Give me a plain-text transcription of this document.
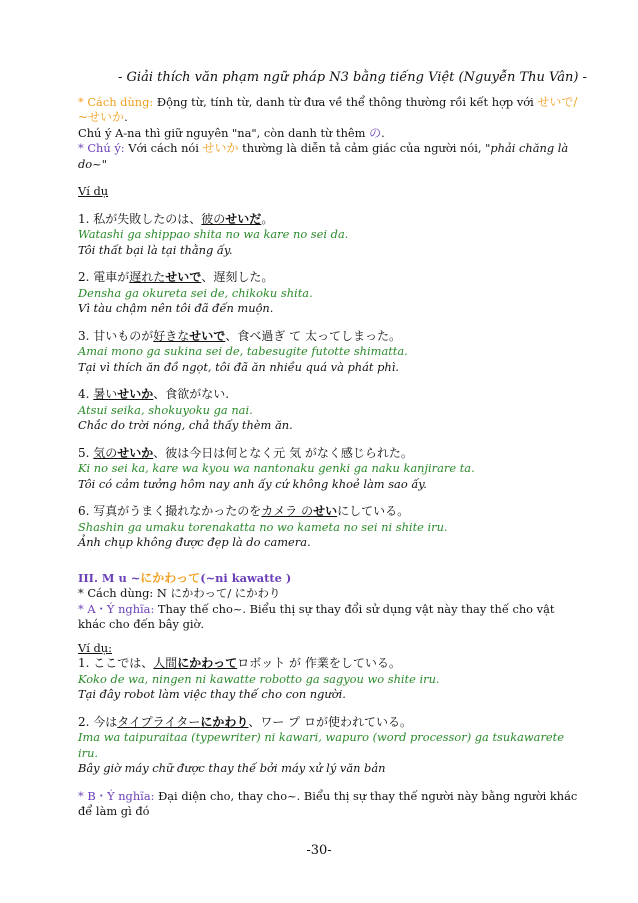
- Giải thích văn phạm ngữ pháp N3 bằng tiếng Việt (Nguyễn Thu Vân) -

* Cách dùng: Động từ, tính từ, danh từ đưa về thể thông thường rồi kết hợp với せいで/ ~せいか.

Chú ý A-na thì giữ nguyên "na", còn danh từ thêm の.

* Chú ý: Với cách nói せいか thường là diễn tả cảm giác của người nói, "phải chăng là do~"

Ví dụ

1. 私が失敗したのは、彼のせいだ。

Watashi ga shippao shita no wa kare no sei da.

Tôi thất bại là tại thằng ấy.

2. 電車が遅れたせいで、遅刻した。

Densha ga okureta sei de, chikoku shita.

Vì tàu chậm nên tôi đã đến muộn.

3. 甘いものが好きなせいで、食べ過ぎ て 太ってしまった。

Amai mono ga sukina sei de, tabesugite futotte shimatta.

Tại vì thích ăn đồ ngọt, tôi đã ăn nhiều quá và phát phì.

4. 暑いせいか、食欲がない.

Atsui seika, shokuyoku ga nai.

Chắc do trời nóng, chả thấy thèm ăn.

5. 気のせいか、彼は今日は何となく元 気 がなく感じられた。

Ki no sei ka, kare wa kyou wa nantonaku genki ga naku kanjirare ta.

Tôi có cảm tưởng hôm nay anh ấy cứ không khoẻ làm sao ấy.

6. 写真がうまく撮れなかったのをカメラ のせいにしている。

Shashin ga umaku torenakatta no wo kameta no sei ni shite iru.

Ảnh chụp không được đẹp là do camera.

III. M u ~にかわって(~ni kawatte )

* Cách dùng: N にかわって/ にかわり

* A・Ý nghĩa: Thay thế cho~. Biểu thị sự thay đổi sử dụng vật này thay thế cho vật khác cho đến bây giờ.

Ví dụ:

1. ここでは、人間にかわってロボット が 作業をしている。

Koko de wa, ningen ni kawatte robotto ga sagyou wo shite iru.

Tại đây robot làm việc thay thế cho con người.

2. 今はタイプライターにかわり、ワー プ ロが使われている。

Ima wa taipuraitaa (typewriter) ni kawari, wapuro (word processor) ga tsukawarete iru.

Bây giờ máy chữ được thay thế bởi máy xử lý văn bản

* B・Ý nghĩa: Đại diện cho, thay cho~. Biểu thị sự thay thế người này bằng người khác để làm gì đó

-30-
